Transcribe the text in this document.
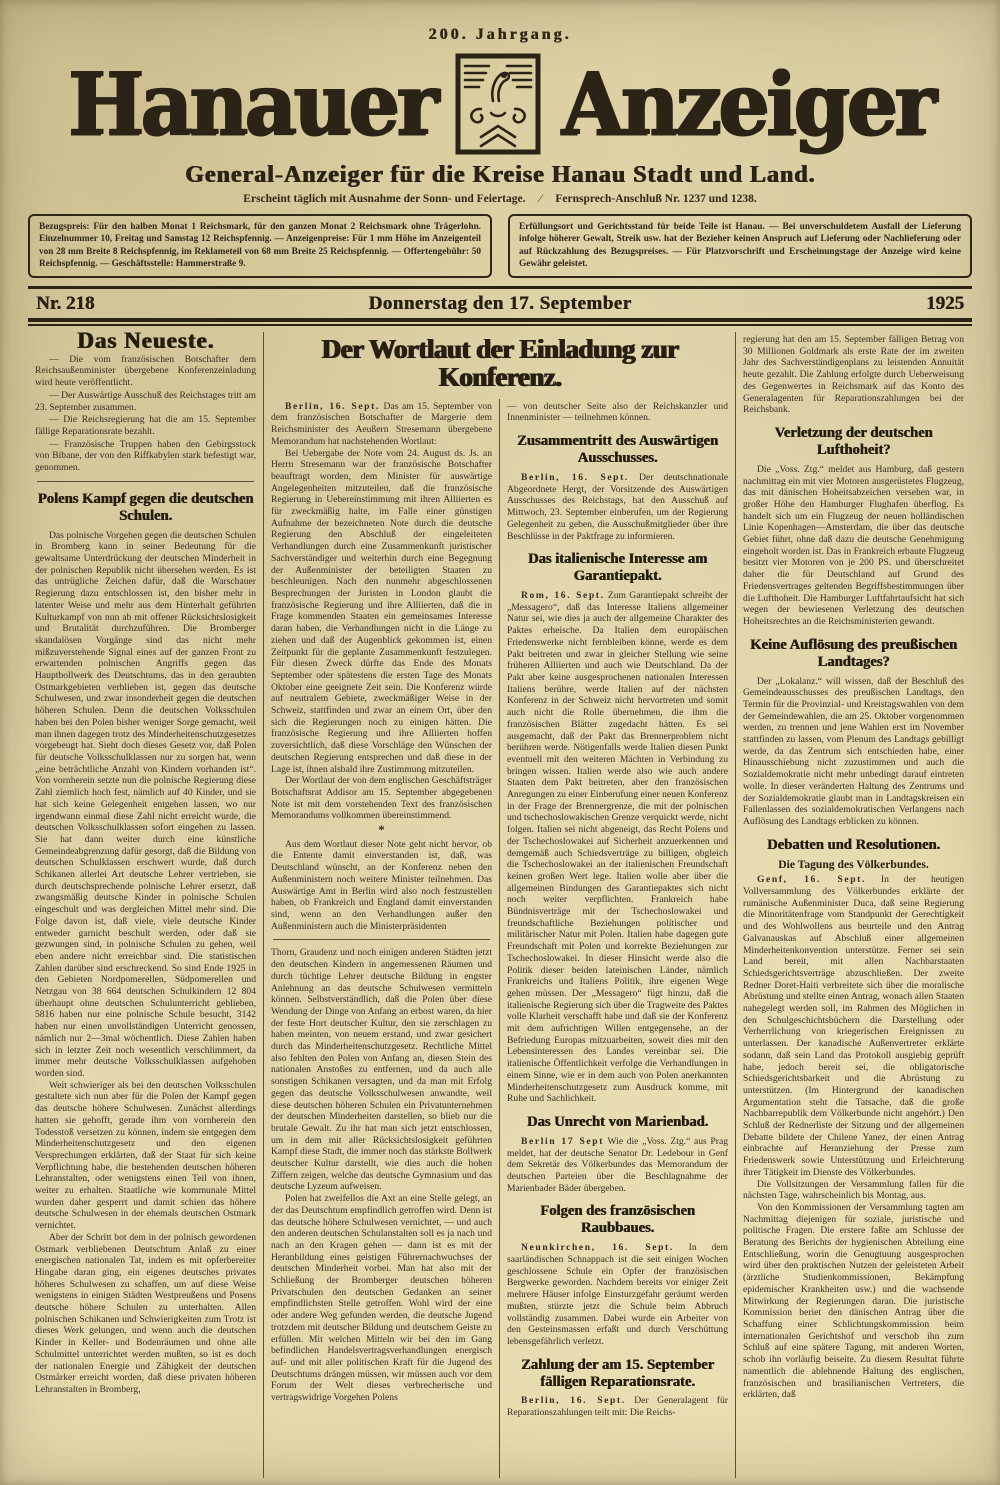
200. Jahrgang.
Hanauer Anzeiger
General-Anzeiger für die Kreise Hanau Stadt und Land.
Erscheint täglich mit Ausnahme der Sonn- und Feiertage. ⁄ Fernsprech-Anschluß Nr. 1237 und 1238.
Bezugspreis: Für den halben Monat 1 Reichsmark, für den ganzen Monat 2 Reichsmark ohne Trägerlohn. Einzelnummer 10, Freitag und Samstag 12 Reichspfennig. — Anzeigenpreise: Für 1 mm Höhe im Anzeigenteil von 28 mm Breite 8 Reichspfennig, im Reklameteil von 68 mm Breite 25 Reichspfennig. — Offertengebühr: 50 Reichspfennig. — Geschäftsstelle: Hammerstraße 9.
Erfüllungsort und Gerichtsstand für beide Teile ist Hanau. — Bei unverschuldetem Ausfall der Lieferung infolge höherer Gewalt, Streik usw. hat der Bezieher keinen Anspruch auf Lieferung oder Nachlieferung oder auf Rückzahlung des Bezugspreises. — Für Platzvorschrift und Erscheinungstage der Anzeige wird keine Gewähr geleistet.
Nr. 218	Donnerstag den 17. September	1925
Das Neueste.

— Die vom französischen Botschafter dem Reichsaußenminister übergebene Konferenzeinladung wird heute veröffentlicht.

— Der Auswärtige Ausschuß des Reichstages tritt am 23. September zusammen.

— Die Reichsregierung hat die am 15. September fällige Reparationsrate bezahlt.

— Französische Truppen haben den Gebirgsstock von Bibane, der von den Riffkabylen stark befestigt war, genommen.

Polens Kampf gegen die deutschen Schulen.

Das polnische Vorgehen gegen die deutschen Schulen in Bromberg kann in seiner Bedeutung für die gewaltsame Unterdrückung der deutschen Minderheit in der polnischen Republik nicht übersehen werden. Es ist das untrügliche Zeichen dafür, daß die Warschauer Regierung dazu entschlossen ist, den bisher mehr in latenter Weise und mehr aus dem Hinterhalt geführten Kulturkampf von nun ab mit offener Rücksichtslosigkeit und Brutalität durchzuführen. Die Bromberger skandalösen Vorgänge sind das nicht mehr mißzuverstehende Signal eines auf der ganzen Front zu erwartenden polnischen Angriffs gegen das Hauptbollwerk des Deutschtums, das in den geraubten Ostmarkgebieten verblieben ist, gegen das deutsche Schulwesen, und zwar insonderheit gegen die deutschen höheren Schulen. Denn die deutschen Volksschulen haben bei den Polen bisher weniger Sorge gemacht, weil man ihnen dagegen trotz des Minderheitenschutzgesetzes vorgebeugt hat. Sieht doch dieses Gesetz vor, daß Polen für deutsche Volksschulklassen nur zu sorgen hat, wenn „eine beträchtliche Anzahl von Kindern vorhanden ist“. Von vornherein setzte nun die polnische Regierung diese Zahl ziemlich hoch fest, nämlich auf 40 Kinder, und sie hat sich keine Gelegenheit entgehen lassen, wo nur irgendwann einmal diese Zahl nicht erreicht wurde, die deutschen Volksschulklassen sofort eingehen zu lassen. Sie hat dann weiter durch eine künstliche Gemeindeabgrenzung dafür gesorgt, daß die Bildung von deutschen Schulklassen erschwert wurde, daß durch Schikanen allerlei Art deutsche Lehrer vertrieben, sie durch deutschsprechende polnische Lehrer ersetzt, daß zwangsmäßig deutsche Kinder in polnische Schulen eingeschult und was dergleichen Mittel mehr sind. Die Folge davon ist, daß viele, viele deutsche Kinder entweder garnicht beschult werden, oder daß sie gezwungen sind, in polnische Schulen zu gehen, weil eben andere nicht erreichbar sind. Die statistischen Zahlen darüber sind erschreckend. So sind Ende 1925 in den Gebieten Nordpomerellen, Südpomerellen und Netzgau von 38 664 deutschen Schulkindern 12 804 überhaupt ohne deutschen Schulunterricht geblieben, 5816 haben nur eine polnische Schule besucht, 3142 haben nur einen unvollständigen Unterricht genossen, nämlich nur 2—3mal wöchentlich. Diese Zahlen haben sich in letzter Zeit noch wesentlich verschlimmert, da immer mehr deutsche Volksschulklassen aufgehoben worden sind.

Weit schwieriger als bei den deutschen Volksschulen gestaltete sich nun aber für die Polen der Kampf gegen das deutsche höhere Schulwesen. Zunächst allerdings hatten sie gehofft, gerade ihm von vornherein den Todesstoß versetzen zu können, indem sie entgegen dem Minderheitenschutzgesetz und den eigenen Versprechungen erklärten, daß der Staat für sich keine Verpflichtung habe, die bestehenden deutschen höheren Lehranstalten, oder wenigstens einen Teil von ihnen, weiter zu erhalten. Staatliche wie kommunale Mittel wurden daher gesperrt und damit schien das höhere deutsche Schulwesen in der ehemals deutschen Ostmark vernichtet.

Aber der Schritt bot dem in der polnisch gewordenen Ostmark verbliebenen Deutschtum Anlaß zu einer energischen nationalen Tat, indem es mit opferbereiter Hingabe daran ging, ein eigenes deutsches privates höheres Schulwesen zu schaffen, um auf diese Weise wenigstens in einigen Städten Westpreußens und Posens deutsche höhere Schulen zu unterhalten. Allen polnischen Schikanen und Schwierigkeiten zum Trotz ist dieses Werk gelungen, und wenn auch die deutschen Kinder in Keller- und Bodenräumen und ohne alle Schulmittel unterrichtet werden mußten, so ist es doch der nationalen Energie und Zähigkeit der deutschen Ostmärker erreicht worden, daß diese privaten höheren Lehranstalten in Bromberg,

Der Wortlaut der Einladung zur Konferenz.

Berlin, 16. Sept. Das am 15. September von dem französischen Botschafter de Margerie dem Reichsminister des Aeußern Stresemann übergebene Memorandum hat nachstehenden Wortlaut:

Bei Uebergabe der Note vom 24. August ds. Js. an Herrn Stresemann war der französische Botschafter beauftragt worden, dem Minister für auswärtige Angelegenheiten mitzuteilen, daß die französische Regierung in Uebereinstimmung mit ihren Alliierten es für zweckmäßig halte, im Falle einer günstigen Aufnahme der bezeichneten Note durch die deutsche Regierung den Abschluß der eingeleiteten Verhandlungen durch eine Zusammenkunft juristischer Sachverständiger und weiterhin durch eine Begegnung der Außenminister der beteiligten Staaten zu beschleunigen. Nach den nunmehr abgeschlossenen Besprechungen der Juristen in London glaubt die französische Regierung und ihre Alliierten, daß die in Frage kommenden Staaten ein gemeinsames Interesse daran haben, die Verhandlungen nicht in die Länge zu ziehen und daß der Augenblick gekommen ist, einen Zeitpunkt für die geplante Zusammenkunft festzulegen. Für diesen Zweck dürfte das Ende des Monats September oder spätestens die ersten Tage des Monats Oktober eine geeignete Zeit sein. Die Konferenz würde auf neutralem Gebiete, zweckmäßiger Weise in der Schweiz, stattfinden und zwar an einem Ort, über den sich die Regierungen noch zu einigen hätten. Die französische Regierung und ihre Alliierten hoffen zuversichtlich, daß diese Vorschläge den Wünschen der deutschen Regierung entsprechen und daß diese in der Lage ist, ihnen alsbald ihre Zustimmung mitzuteilen.

Der Wortlaut der von dem englischen Geschäftsträger Botschaftsrat Addisor am 15. September abgegebenen Note ist mit dem vorstehenden Text des französischen Memorandums vollkommen übereinstimmend.

*

Aus dem Wortlaut dieser Note geht nicht hervor, ob die Entente damit einverstanden ist, daß, was Deutschland wünscht, an der Konferenz neben den Außenministern noch weitere Minister teilnehmen. Das Auswärtige Amt in Berlin wird also noch festzustellen haben, ob Frankreich und England damit einverstanden sind, wenn an den Verhandlungen außer den Außenministern auch die Ministerpräsidenten

Thorn, Graudenz und noch einigen anderen Städten jetzt den deutschen Kindern in angemessenen Räumen und durch tüchtige Lehrer deutsche Bildung in engster Anlehnung an das deutsche Schulwesen vermitteln können. Selbstverständlich, daß die Polen über diese Wendung der Dinge von Anfang an erbost waren, da hier der feste Hort deutscher Kultur, den sie zerschlagen zu haben meinten, von neuem erstand, und zwar gesichert durch das Minderheitenschutzgesetz. Rechtliche Mittel also fehlten den Polen von Anfang an, diesen Stein des nationalen Anstoßes zu entfernen, und da auch alle sonstigen Schikanen versagten, und da man mit Erfolg gegen das deutsche Volksschulwesen anwandte, weil diese deutschen höheren Schulen ein Privatunternehmen der deutschen Minderheiten darstellen, so blieb nur die brutale Gewalt. Zu ihr hat man sich jetzt entschlossen, um in dem mit aller Rücksichtslosigkeit geführten Kampf diese Stadt, die immer noch das stärkste Bollwerk deutscher Kultur darstellt, wie dies auch die hohen Ziffern zeigen, welche das deutsche Gymnasium und das deutsche Lyzeum aufweisen.

Polen hat zweifellos die Axt an eine Stelle gelegt, an der das Deutschtum empfindlich getroffen wird. Denn ist das deutsche höhere Schulwesen vernichtet, — und auch den anderen deutschen Schulanstalten soll es ja nach und nach an den Kragen gehen — dann ist es mit der Heranbildung eines geistigen Führernachwuchses der deutschen Minderheit vorbei. Man hat also mit der Schließung der Bromberger deutschen höheren Privatschulen den deutschen Gedanken an seiner empfindlichsten Stelle getroffen. Wohl wird der eine oder andere Weg gefunden werden, die deutsche Jugend trotzdem mit deutscher Bildung und deutschem Geiste zu erfüllen. Mit welchen Mitteln wir bei den im Gang befindlichen Handelsvertragsverhandlungen energisch auf- und mit aller politischen Kraft für die Jugend des Deutschtums drängen müssen, wir müssen auch vor dem Forum der Welt dieses verbrecherische und vertragswidrige Vorgehen Polens

— von deutscher Seite also der Reichskanzler und Innenminister — teilnehmen können.

Zusammentritt des Auswärtigen Ausschusses.

Berlin, 16. Sept. Der deutschnationale Abgeordnete Hergt, der Vorsitzende des Auswärtigen Ausschusses des Reichstags, hat den Ausschuß auf Mittwoch, 23. September einberufen, um der Regierung Gelegenheit zu geben, die Ausschußmitglieder über ihre Beschlüsse in der Paktfrage zu informieren.

Das italienische Interesse am Garantiepakt.

Rom, 16. Sept. Zum Garantiepakt schreibt der „Messagero“, daß das Interesse Italiens allgemeiner Natur sei, wie dies ja auch der allgemeine Charakter des Paktes erheische. Da Italien dem europäischen Friedenswerke nicht fernbleiben könne, werde es dem Pakt beitreten und zwar in gleicher Stellung wie seine früheren Alliierten und auch wie Deutschland. Da der Pakt aber keine ausgesprochenen nationalen Interessen Italiens berühre, werde Italien auf der nächsten Konferenz in der Schweiz nicht hervortreten und somit auch nicht die Rolle übernehmen, die ihm die französischen Blätter zugedacht hätten. Es sei ausgemacht, daß der Pakt das Brennerproblem nicht berühren werde. Nötigenfalls werde Italien diesen Punkt eventuell mit den weiteren Mächten in Verbindung zu bringen wissen. Italien werde also wie auch andere Staaten dem Pakt beitreten, aber den französischen Anregungen zu einer Einberufung einer neuen Konferenz in der Frage der Brennergrenze, die mit der polnischen und tschechoslowakischen Grenze verquickt werde, nicht folgen. Italien sei nicht abgeneigt, das Recht Polens und der Tschechoslowakei auf Sicherheit anzuerkennen und demgemäß auch Schiedsverträge zu billigen, obgleich die Tschechoslowakei an der italienischen Freundschaft keinen großen Wert lege. Italien wolle aber über die allgemeinen Bindungen des Garantiepaktes sich nicht noch weiter verpflichten. Frankreich habe Bündnisverträge mit der Tschechoslowakei und freundschaftliche Beziehungen politischer und militärischer Natur mit Polen. Italien habe dagegen gute Freundschaft mit Polen und korrekte Beziehungen zur Tschechoslowakei. In dieser Hinsicht werde also die Politik dieser beiden lateinischen Länder, nämlich Frankreichs und Italiens Politik, ihre eigenen Wege gehen müssen. Der „Messagero“ fügt hinzu, daß die italienische Regierung sich über die Tragweite des Paktes volle Klarheit verschafft habe und daß sie der Konferenz mit dem aufrichtigen Willen entgegensehe, an der Befriedung Europas mitzuarbeiten, soweit dies mit den Lebensinteressen des Landes vereinbar sei. Die italienische Öffentlichkeit verfolge die Verhandlungen in einem Sinne, wie er in dem auch von Polen anerkannten Minderheitenschutzgesetz zum Ausdruck komme, mit Ruhe und Sachlichkeit.

Das Unrecht von Marienbad.

Berlin 17 Sept Wie die „Voss. Ztg.“ aus Prag meldet, hat der deutsche Senator Dr. Ledebour in Genf dem Sekretär des Völkerbundes das Memorandum der deutschen Parteien über die Beschlagnahme der Marienbader Bäder übergeben.

Folgen des französischen Raubbaues.

Neunkirchen, 16. Sept. In dem saarländischen Schnappach ist die seit einigen Wochen geschlossene Schule ein Opfer der französischen Bergwerke geworden. Nachdem bereits vor einiger Zeit mehrere Häuser infolge Einsturzgefahr geräumt werden mußten, stürzte jetzt die Schule beim Abbruch vollständig zusammen. Dabei wurde ein Arbeiter von den Gesteinsmassen erfaßt und durch Verschüttung lebensgefährlich verletzt.

Zahlung der am 15. September fälligen Reparationsrate.

Berlin, 16. Sept. Der Generalagent für Reparationszahlungen teilt mit: Die Reichs-

regierung hat den am 15. September fälligen Betrag von 30 Millionen Goldmark als erste Rate der im zweiten Jahr des Sachverständigenplans zu leistenden Annuität heute gezahlt. Die Zahlung erfolgte durch Ueberweisung des Gegenwertes in Reichsmark auf das Konto des Generalagenten für Reparationszahlungen bei der Reichsbank.

Verletzung der deutschen Lufthoheit?

Die „Voss. Ztg.“ meldet aus Hamburg, daß gestern nachmittag ein mit vier Motoren ausgerüstetes Flugzeug, das mit dänischen Hoheitsabzeichen versehen war, in großer Höhe den Hamburger Flughafen überflog. Es handelt sich um ein Flugzeug der neuen holländischen Linie Kopenhagen—Amsterdam, die über das deutsche Gebiet führt, ohne daß dazu die deutsche Genehmigung eingeholt worden ist. Das in Frankreich erbaute Flugzeug besitzt vier Motoren von je 200 PS. und überschreitet daher die für Deutschland auf Grund des Friedensvertrages geltenden Begriffsbestimmungen über die Lufthoheit. Die Hamburger Luftfahrtaufsicht hat sich wegen der bewiesenen Verletzung des deutschen Hoheitsrechtes an die Reichsministerien gewandt.

Keine Auflösung des preußischen Landtages?

Der „Lokalanz.“ will wissen, daß der Beschluß des Gemeindeausschusses des preußischen Landtags, den Termin für die Provinzial- und Kreistagswahlen von dem der Gemeindewahlen, die am 25. Oktober vorgenommen werden, zu trennen und jene Wahlen erst im November stattfinden zu lassen, vom Plenum des Landtags gebilligt werde, da das Zentrum sich entschieden habe, einer Hinausschiebung nicht zuzustimmen und auch die Sozialdemokratie nicht mehr unbedingt darauf eintreten wolle. In dieser veränderten Haltung des Zentrums und der Sozialdemokratie glaubt man in Landtagskreisen ein Fallenlassen des sozialdemokratischen Verlangens nach Auflösung des Landtags erblicken zu können.

Debatten und Resolutionen.
Die Tagung des Völkerbundes.

Genf, 16. Sept. In der heutigen Vollversammlung des Völkerbundes erklärte der rumänische Außenminister Duca, daß seine Regierung die Minoritätenfrage vom Standpunkt der Gerechtigkeit und des Wohlwollens aus beurteile und den Antrag Galvanauskas auf Abschluß einer allgemeinen Minderheitenkonvention unterstütze. Ferner sei sein Land bereit, mit allen Nachbarstaaten Schiedsgerichtsverträge abzuschließen. Der zweite Redner Doret-Haiti verbreitete sich über die moralische Abrüstung und stellte einen Antrag, wonach allen Staaten nahegelegt werden soll, im Rahmen des Möglichen in den Schulgeschichtsbüchern die Darstellung oder Verherrlichung von kriegerischen Ereignissen zu unterlassen. Der kanadische Außenvertreter erklärte sodann, daß sein Land das Protokoll ausgiebig geprüft habe, jedoch bereit sei, die obligatorische Schiedsgerichtsbarkeit und die Abrüstung zu unterstützen. (Im Hintergrund der kanadischen Argumentation steht die Tatsache, daß die große Nachbarrepublik dem Völkerbunde nicht angehört.) Den Schluß der Rednerliste der Sitzung und der allgemeinen Debatte bildete der Chilene Yanez, der einen Antrag einbrachte auf Heranziehung der Presse zum Friedenswerk sowie Unterstützung und Erleichterung ihrer Tätigkeit im Dienste des Völkerbundes.

Die Vollsitzungen der Versammlung fallen für die nächsten Tage, wahrscheinlich bis Montag, aus.

Von den Kommissionen der Versammlung tagten am Nachmittag diejenigen für soziale, juristische und politische Fragen. Die erstere faßte am Schlusse der Beratung des Berichts der hygienischen Abteilung eine Entschließung, worin die Genugtuung ausgesprochen wird über den praktischen Nutzen der geleisteten Arbeit (ärztliche Studienkommissionen, Bekämpfung epidemischer Krankheiten usw.) und die wachsende Mitwirkung der Regierungen daran. Die juristische Kommission beriet den dänischen Antrag über die Schaffung einer Schlichtungskommission beim internationalen Gerichtshof und verschob ihn zum Schluß auf eine spätere Tagung, mit anderen Worten, schob ihn vorläufig beiseite. Zu diesem Resultat führte namentlich die ablehnende Haltung des englischen, französischen und brasilianischen Vertreters, die erklärten, daß
